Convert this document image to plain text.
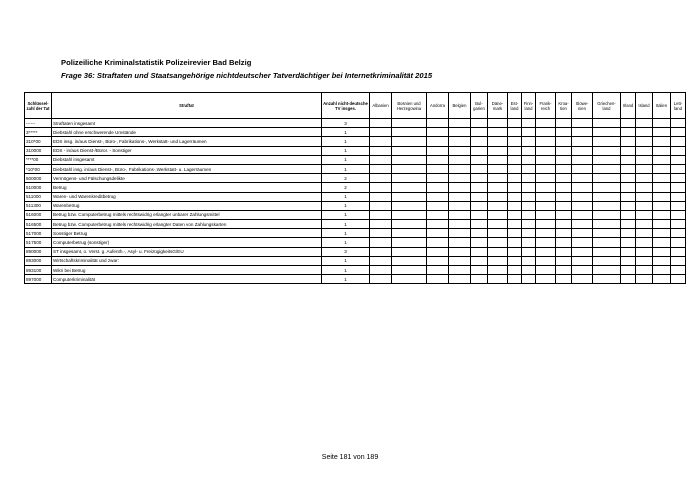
Polizeiliche Kriminalstatistik Polizeirevier Bad Belzig
Frage 36: Straftaten und Staatsangehörige nichtdeutscher Tatverdächtiger bei Internetkriminalität 2015
Schlüssel-zahl der Tat	Straftat	Anzahl nicht-deutsche TV insges.	Albanien	Bosnien und Herzegowina	Andorra	Belgien	Bul-garien	Däne-mark	Est-land	Finn-land	Frank-reich	Kroa-tien	Slowe-nien	Griechen-land	Irland	Island	Italien	Lett-land
------	Straftaten insgesamt	3																
3*****	Diebstahl ohne erschwerende Umstände	1																
310*00	EDS insg. in/aus Dienst-, Büro-, Fabrikations-, Werkstatt- und Lagerräumen	1																
310000	EDS - in/aus Dienst-/Büror. - Sonstiger	1																
****00	Diebstahl insgesamt	1																
*10*00	Diebstahl insg. in/aus Dienst-, Büro-, Fabrikations-,Werkstatt- u. Lagerräumen	1																
500000	Vermögens- und Fälschungsdelikte	2																
510000	Betrug	2																
511000	Waren- und Warenkreditbetrug	1																
511300	Warenbetrug	1																
516000	Betrug bzw. Computerbetrug mittels rechtswidrig erlangter unbarer Zahlungsmittel	1																
516500	Betrug bzw. Computerbetrug mittels rechtswidrig erlangter Daten von Zahlungskarten	1																
517000	Sonstiger Betrug	1																
517500	Computerbetrug (sonstiger)	1																
890000	ST insgesamt, o. Verst. g. Aufenth.-, Asyl- u. FreizügigkeitsG/EU	3																
893000	Wirtschaftskriminalität und zwar:	1																
893100	Wikri bei Betrug	1																
897000	Computerkriminalität	1																
Seite 181 von 189
